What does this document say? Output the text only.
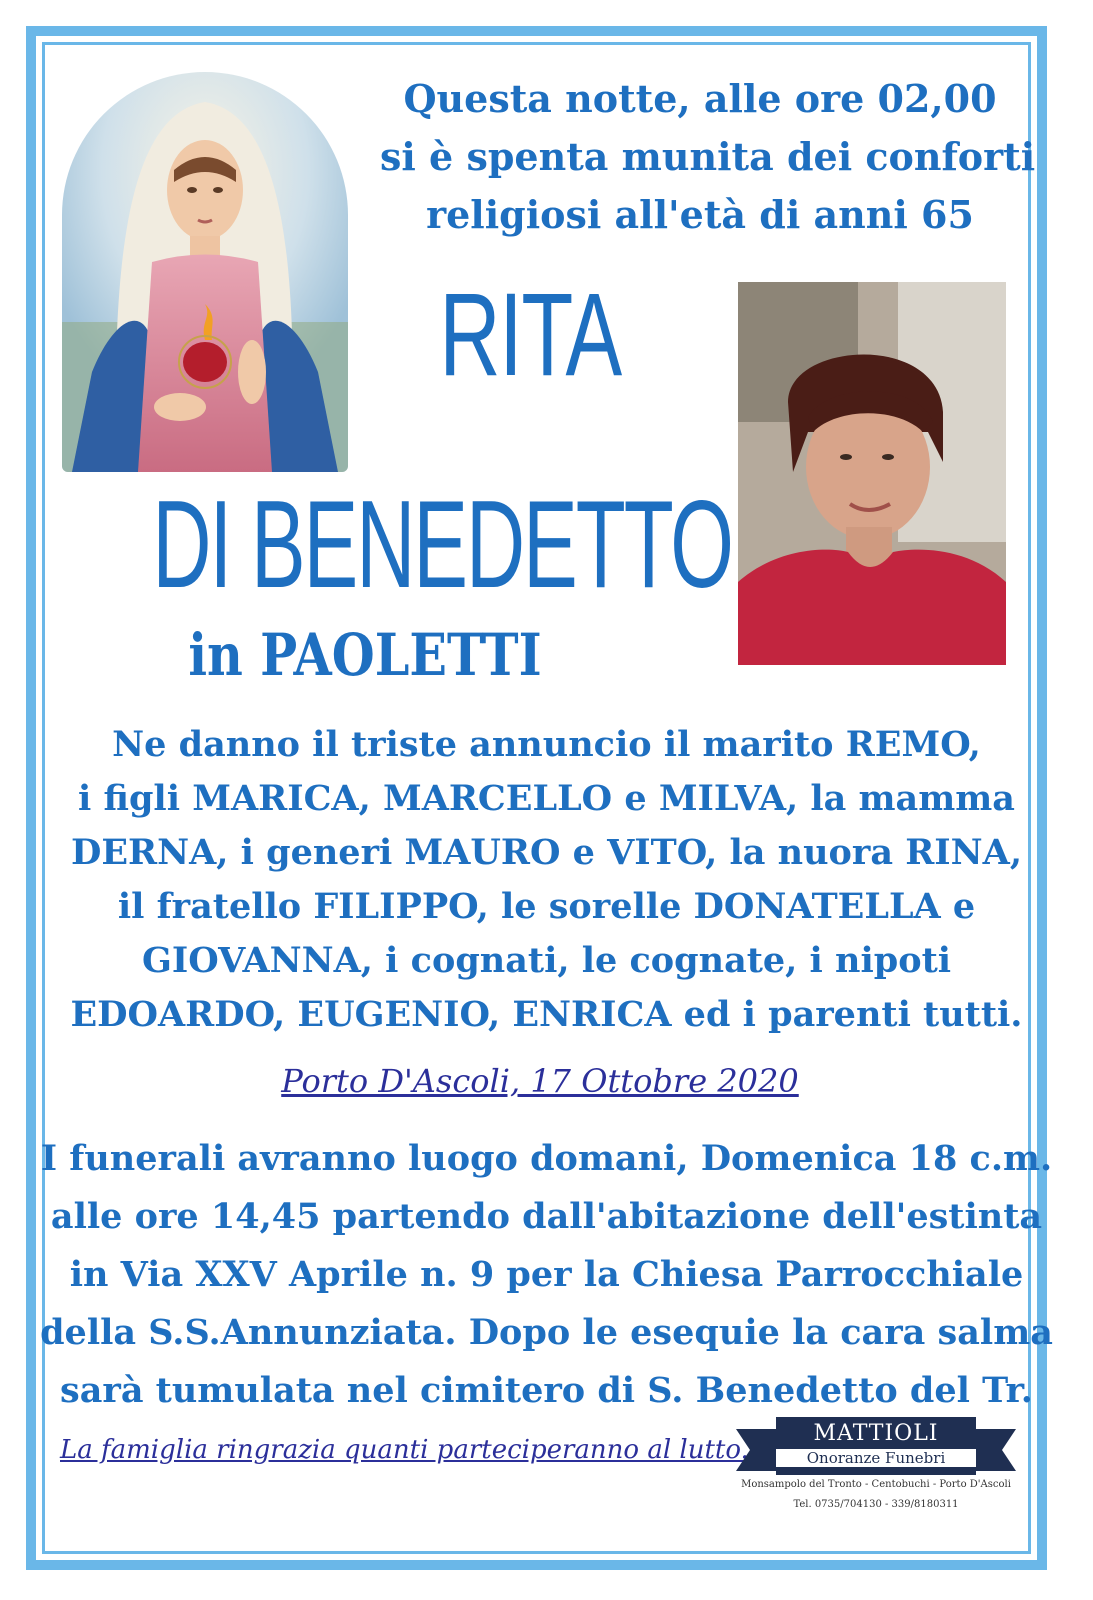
Questa notte, alle ore 02,00
si è spenta munita dei conforti
religiosi all'età di anni 65
RITA
DI BENEDETTO
in PAOLETTI
Ne danno il triste annuncio il marito REMO,
i figli MARICA, MARCELLO e MILVA, la mamma
DERNA, i generi MAURO e VITO, la nuora RINA,
il fratello FILIPPO, le sorelle DONATELLA e
GIOVANNA, i cognati, le cognate, i nipoti
EDOARDO, EUGENIO, ENRICA ed i parenti tutti.
Porto D'Ascoli, 17 Ottobre 2020
I funerali avranno luogo domani, Domenica 18 c.m.
alle ore 14,45 partendo dall'abitazione dell'estinta
in Via XXV Aprile n. 9 per la Chiesa Parrocchiale
della S.S.Annunziata. Dopo le esequie la cara salma
sarà tumulata nel cimitero di S. Benedetto del Tr.
La famiglia ringrazia quanti parteciperanno al lutto.
MATTIOLI
Onoranze Funebri
Monsampolo del Tronto - Centobuchi - Porto D'Ascoli
Tel. 0735/704130 - 339/8180311
